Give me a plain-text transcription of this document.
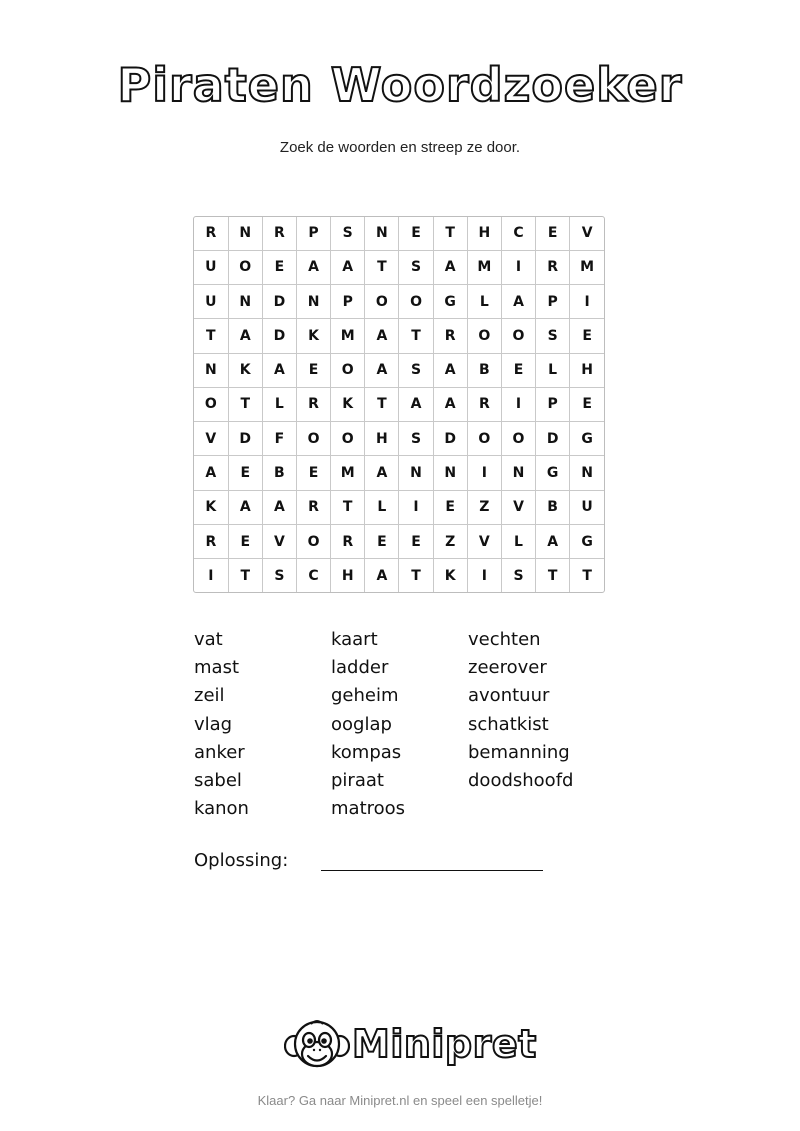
Piraten Woordzoeker
Zoek de woorden en streep ze door.
R	N	R	P	S	N	E	T	H	C	E	V
U	O	E	A	A	T	S	A	M	I	R	M
U	N	D	N	P	O	O	G	L	A	P	I
T	A	D	K	M	A	T	R	O	O	S	E
N	K	A	E	O	A	S	A	B	E	L	H
O	T	L	R	K	T	A	A	R	I	P	E
V	D	F	O	O	H	S	D	O	O	D	G
A	E	B	E	M	A	N	N	I	N	G	N
K	A	A	R	T	L	I	E	Z	V	B	U
R	E	V	O	R	E	E	Z	V	L	A	G
I	T	S	C	H	A	T	K	I	S	T	T
vat
mast
zeil
vlag
anker
sabel
kanon
kaart
ladder
geheim
ooglap
kompas
piraat
matroos
vechten
zeerover
avontuur
schatkist
bemanning
doodshoofd
Oplossing:
Minipret
Klaar? Ga naar Minipret.nl en speel een spelletje!
